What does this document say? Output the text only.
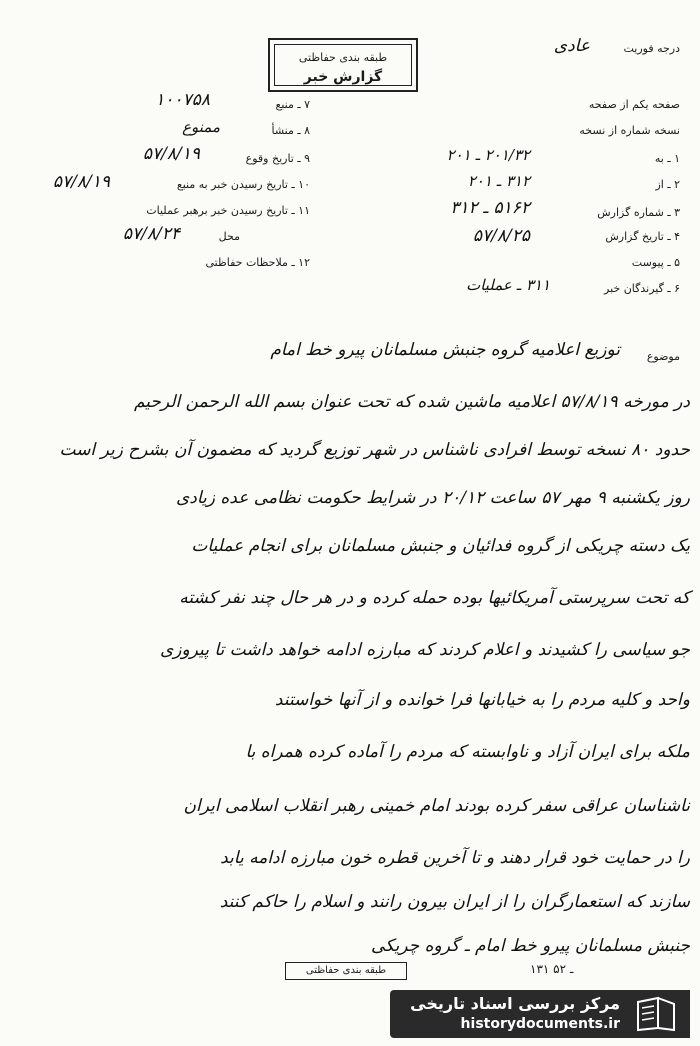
طبقه بندی حفاظتی
گزارش خبر
درجه فوریت
عادی
صفحه یکم از صفحه
نسخه شماره از نسخه
۱ ـ به
۲۰۱/۳۲ ـ ۲۰۱
۲ ـ از
۳۱۲ ـ ۲۰۱
۳ ـ شماره گزارش
۵۱۶۲ ـ ۳۱۲
۴ ـ تاریخ گزارش
۵۷/۸/۲۵
۵ ـ پیوست
۶ ـ گیرندگان خبر
۳۱۱ ـ عملیات
۷ ـ منبع
۱۰۰۷۵۸
۸ ـ منشأ
ممنوع
۹ ـ تاریخ وقوع
۵۷/۸/۱۹
۱۰ ـ تاریخ رسیدن خبر به منبع
۵۷/۸/۱۹
۱۱ ـ تاریخ رسیدن خبر برهبر عملیات
۵۷/۸/۲۴	محل
۱۲ ـ ملاحظات حفاظتی
موضوع
توزیع اعلامیه گروه جنبش مسلمانان پیرو خط امام
در مورخه ۵۷/۸/۱۹ اعلامیه ماشین شده که تحت عنوان بسم الله الرحمن الرحیم
حدود ۸۰ نسخه توسط افرادی ناشناس در شهر توزیع گردید که مضمون آن بشرح زیر است
روز یکشنبه ۹ مهر ۵۷ ساعت ۲۰/۱۲ در شرایط حکومت نظامی عده زیادی
یک دسته چریکی از گروه فدائیان و جنبش مسلمانان برای انجام عملیات
که تحت سرپرستی آمریکائیها بوده حمله کرده و در هر حال چند نفر کشته
جو سیاسی را کشیدند و اعلام کردند که مبارزه ادامه خواهد داشت تا پیروزی
واحد و کلیه مردم را به خیابانها فرا خوانده و از آنها خواستند
ملکه برای ایران آزاد و ناوابسته که مردم را آماده کرده همراه با
ناشناسان عراقی سفر کرده بودند امام خمینی رهبر انقلاب اسلامی ایران
را در حمایت خود قرار دهند و تا آخرین قطره خون مبارزه ادامه یابد
سازند که استعمارگران را از ایران بیرون رانند و اسلام را حاکم کنند
جنبش مسلمانان پیرو خط امام ـ گروه چریکی
طبقه بندی حفاظتی	۱۳۱ ـ ۵۲
مرکز بررسی اسناد تاریخی
historydocuments.ir
